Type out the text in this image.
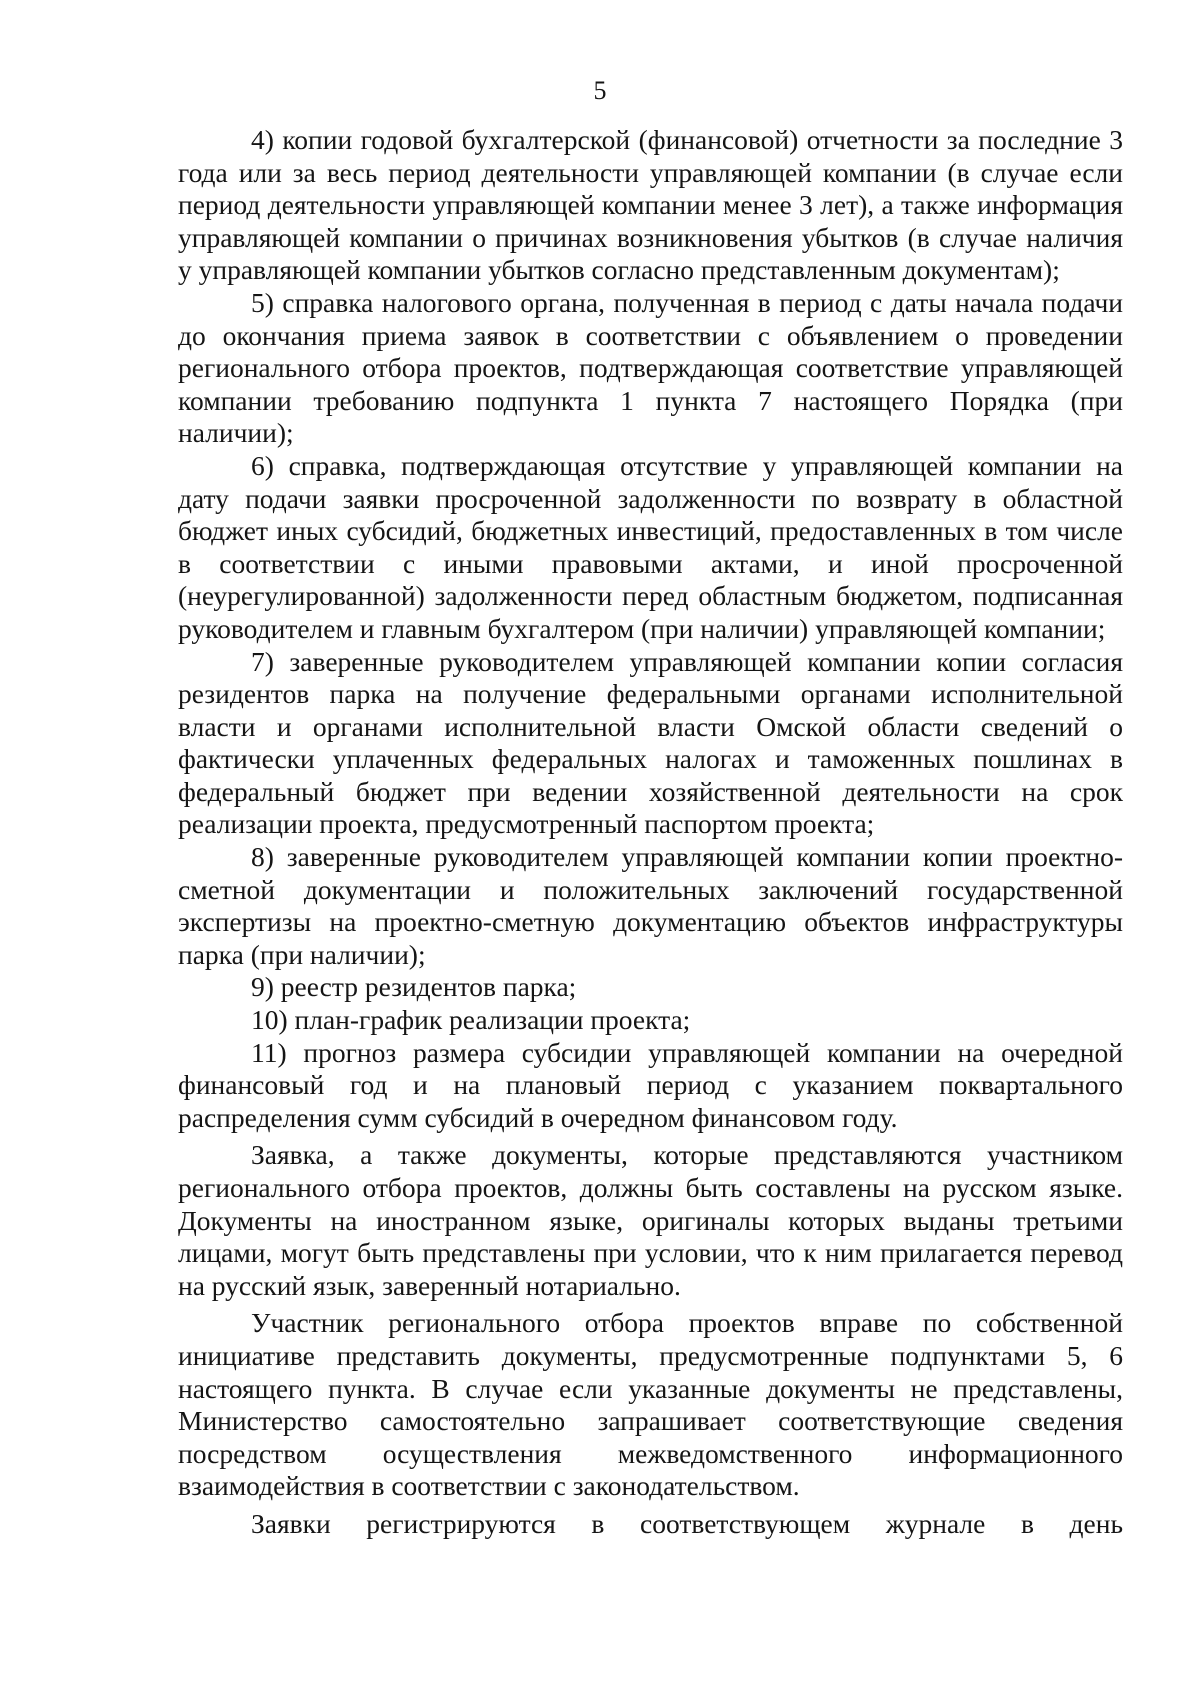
5

4) копии годовой бухгалтерской (финансовой) отчетности за последние 3 года или за весь период деятельности управляющей компании (в случае если период деятельности управляющей компании менее 3 лет), а также информация управляющей компании о причинах возникновения убытков (в случае наличия у управляющей компании убытков согласно представленным документам);

5) справка налогового органа, полученная в период с даты начала подачи до окончания приема заявок в соответствии с объявлением о проведении регионального отбора проектов, подтверждающая соответствие управляющей компании требованию подпункта 1 пункта 7 настоящего Порядка (при наличии);

6) справка, подтверждающая отсутствие у управляющей компании на дату подачи заявки просроченной задолженности по возврату в областной бюджет иных субсидий, бюджетных инвестиций, предоставленных в том числе в соответствии с иными правовыми актами, и иной просроченной (неурегулированной) задолженности перед областным бюджетом, подписанная руководителем и главным бухгалтером (при наличии) управляющей компании;

7) заверенные руководителем управляющей компании копии согласия резидентов парка на получение федеральными органами исполнительной власти и органами исполнительной власти Омской области сведений о фактически уплаченных федеральных налогах и таможенных пошлинах в федеральный бюджет при ведении хозяйственной деятельности на срок реализации проекта, предусмотренный паспортом проекта;

8) заверенные руководителем управляющей компании копии проектно-сметной документации и положительных заключений государственной экспертизы на проектно-сметную документацию объектов инфраструктуры парка (при наличии);

9) реестр резидентов парка;

10) план-график реализации проекта;

11) прогноз размера субсидии управляющей компании на очередной финансовый год и на плановый период с указанием поквартального распределения сумм субсидий в очередном финансовом году.

Заявка, а также документы, которые представляются участником регионального отбора проектов, должны быть составлены на русском языке. Документы на иностранном языке, оригиналы которых выданы третьими лицами, могут быть представлены при условии, что к ним прилагается перевод на русский язык, заверенный нотариально.

Участник регионального отбора проектов вправе по собственной инициативе представить документы, предусмотренные подпунктами 5, 6 настоящего пункта. В случае если указанные документы не представлены, Министерство самостоятельно запрашивает соответствующие сведения посредством осуществления межведомственного информационного взаимодействия в соответствии с законодательством.

Заявки регистрируются в соответствующем журнале в день
